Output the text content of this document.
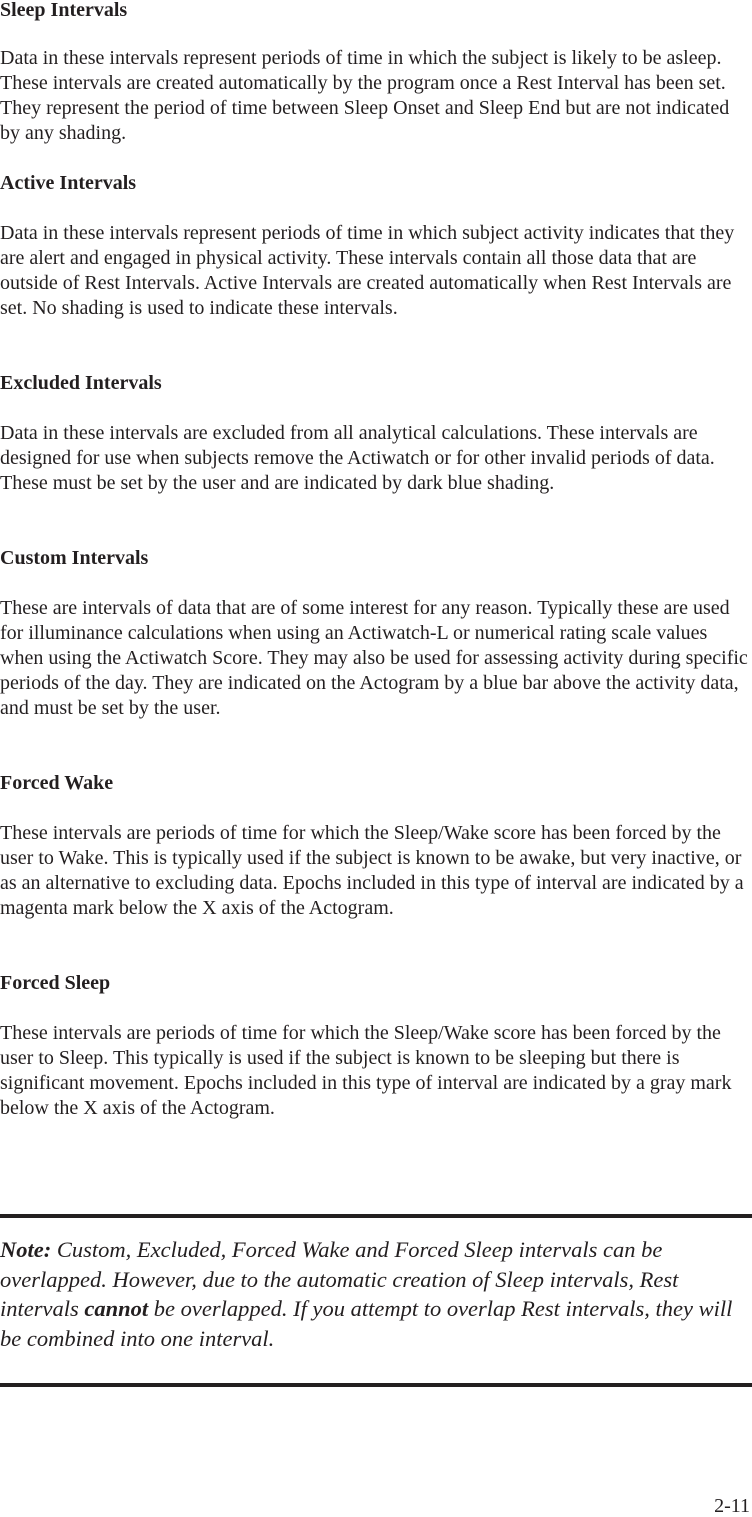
Sleep Intervals

Data in these intervals represent periods of time in which the subject is likely to be asleep. These intervals are created automatically by the program once a Rest Interval has been set. They represent the period of time between Sleep Onset and Sleep End but are not indicated by any shading.

Active Intervals

Data in these intervals represent periods of time in which subject activity indicates that they are alert and engaged in physical activity. These intervals contain all those data that are outside of Rest Intervals. Active Intervals are created automatically when Rest Intervals are set. No shading is used to indicate these intervals.

Excluded Intervals

Data in these intervals are excluded from all analytical calculations. These intervals are designed for use when subjects remove the Actiwatch or for other invalid periods of data. These must be set by the user and are indicated by dark blue shading.

Custom Intervals

These are intervals of data that are of some interest for any reason. Typically these are used for illuminance calculations when using an Actiwatch-L or numerical rating scale values when using the Actiwatch Score. They may also be used for assessing activity during specific periods of the day. They are indicated on the Actogram by a blue bar above the activity data, and must be set by the user.

Forced Wake

These intervals are periods of time for which the Sleep/Wake score has been forced by the user to Wake. This is typically used if the subject is known to be awake, but very inactive, or as an alternative to excluding data. Epochs included in this type of interval are indicated by a magenta mark below the X axis of the Actogram.

Forced Sleep

These intervals are periods of time for which the Sleep/Wake score has been forced by the user to Sleep. This typically is used if the subject is known to be sleeping but there is significant movement. Epochs included in this type of interval are indicated by a gray mark below the X axis of the Actogram.

Note: Custom, Excluded, Forced Wake and Forced Sleep intervals can be overlapped. However, due to the automatic creation of Sleep intervals, Rest intervals cannot be overlapped. If you attempt to overlap Rest intervals, they will be combined into one interval.

2-11
